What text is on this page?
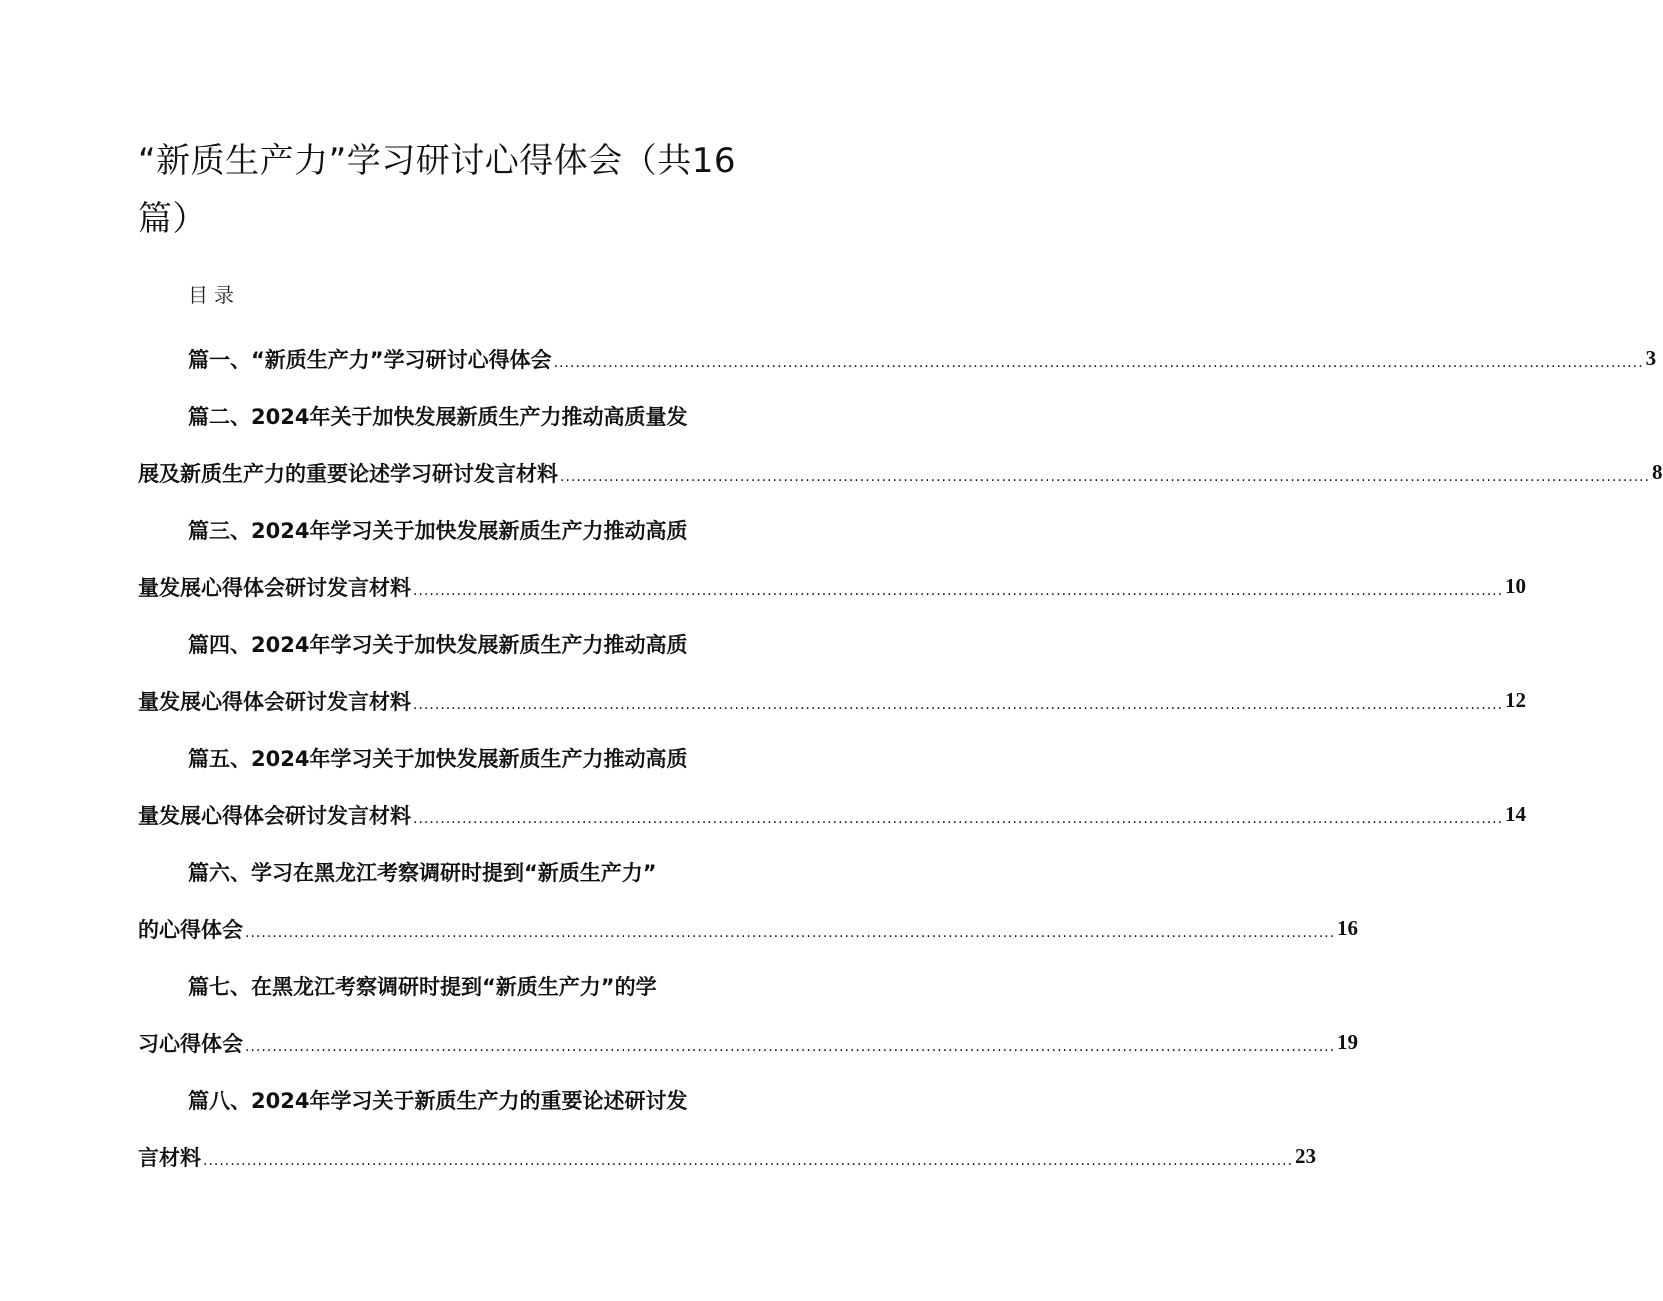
“新质生产力”学习研讨心得体会（共16篇）
目录
篇一、“新质生产力”学习研讨心得体会 ........................................................................................................................................................................................................ 3
篇二、2024年关于加快发展新质生产力推动高质量发
展及新质生产力的重要论述学习研讨发言材料 ........................................................................................................................................................................................................ 8
篇三、2024年学习关于加快发展新质生产力推动高质
量发展心得体会研讨发言材料 ........................................................................................................................................................................................................ 10
篇四、2024年学习关于加快发展新质生产力推动高质
量发展心得体会研讨发言材料 ........................................................................................................................................................................................................ 12
篇五、2024年学习关于加快发展新质生产力推动高质
量发展心得体会研讨发言材料 ........................................................................................................................................................................................................ 14
篇六、学习在黑龙江考察调研时提到“新质生产力”
的心得体会 ........................................................................................................................................................................................................ 16
篇七、在黑龙江考察调研时提到“新质生产力”的学
习心得体会 ........................................................................................................................................................................................................ 19
篇八、2024年学习关于新质生产力的重要论述研讨发
言材料 ........................................................................................................................................................................................................ 23
